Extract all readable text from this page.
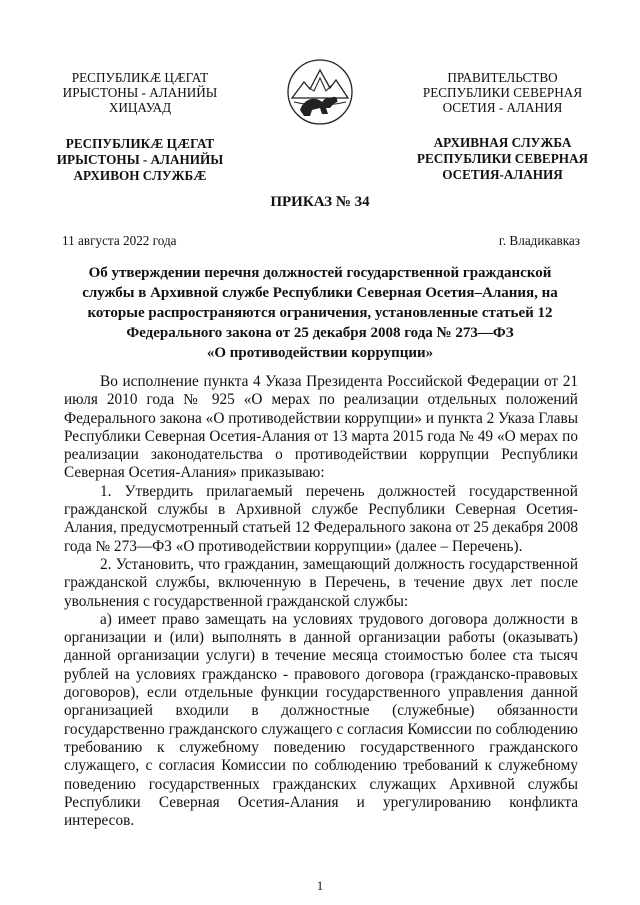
РЕСПУБЛИКӔ ЦӔГАТ
ИРЫСТОНЫ - АЛАНИЙЫ
ХИЦАУАД
РЕСПУБЛИКӔ ЦӔГАТ
ИРЫСТОНЫ - АЛАНИЙЫ
АРХИВОН СЛУЖБӔ
ПРАВИТЕЛЬСТВО
РЕСПУБЛИКИ СЕВЕРНАЯ
ОСЕТИЯ - АЛАНИЯ
АРХИВНАЯ СЛУЖБА
РЕСПУБЛИКИ СЕВЕРНАЯ
ОСЕТИЯ-АЛАНИЯ
ПРИКАЗ № 34
11 августа 2022 года	г. Владикавказ
Об утверждении перечня должностей государственной гражданской
службы в Архивной службе Республики Северная Осетия–Алания, на
которые распространяются ограничения, установленные статьей 12
Федерального закона от 25 декабря 2008 года № 273—ФЗ
«О противодействии коррупции»

Во исполнение пункта 4 Указа Президента Российской Федерации от 21 июля 2010 года № 925 «О мерах по реализации отдельных положений Федерального закона «О противодействии коррупции» и пункта 2 Указа Главы Республики Северная Осетия-Алания от 13 марта 2015 года № 49 «О мерах по реализации законодательства о противодействии коррупции Республики Северная Осетия-Алания» приказываю:

1. Утвердить прилагаемый перечень должностей государственной гражданской службы в Архивной службе Республики Северная Осетия-Алания, предусмотренный статьей 12 Федерального закона от 25 декабря 2008 года № 273—ФЗ «О противодействии коррупции» (далее – Перечень).

2. Установить, что гражданин, замещающий должность государственной гражданской службы, включенную в Перечень, в течение двух лет после увольнения с государственной гражданской службы:

а) имеет право замещать на условиях трудового договора должности в организации и (или) выполнять в данной организации работы (оказывать) данной организации услуги) в течение месяца стоимостью более ста тысяч рублей на условиях гражданско - правового договора (гражданско-правовых договоров), если отдельные функции государственного управления данной организацией входили в должностные (служебные) обязанности государственно гражданского служащего с согласия Комиссии по соблюдению требованию к служебному поведению государственного гражданского служащего, с согласия Комиссии по соблюдению требований к служебному поведению государственных гражданских служащих Архивной службы Республики Северная Осетия-Алания и урегулированию конфликта интересов.

1
